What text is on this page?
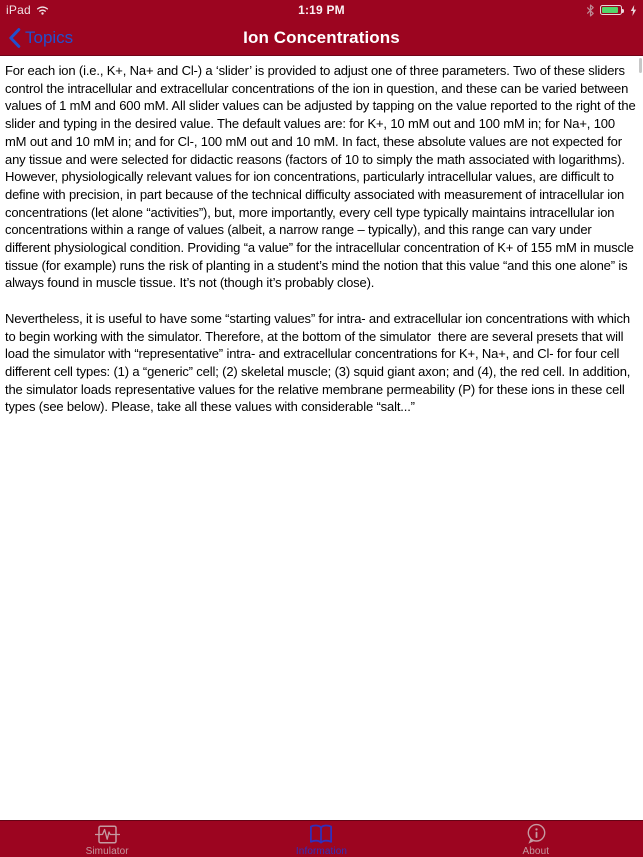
iPad	1:19 PM
Ion Concentrations
Topics

For each ion (i.e., K+, Na+ and Cl-) a ‘slider’ is provided to adjust one of three parameters. Two of these sliders control the intracellular and extracellular concentrations of the ion in question, and these can be varied between values of 1 mM and 600 mM. All slider values can be adjusted by tapping on the value reported to the right of the slider and typing in the desired value. The default values are: for K+, 10 mM out and 100 mM in; for Na+, 100 mM out and 10 mM in; and for Cl-, 100 mM out and 10 mM. In fact, these absolute values are not expected for any tissue and were selected for didactic reasons (factors of 10 to simply the math associated with logarithms). However, physiologically relevant values for ion concentrations, particularly intracellular values, are difficult to define with precision, in part because of the technical difficulty associated with measurement of intracellular ion concentrations (let alone “activities”), but, more importantly, every cell type typically maintains intracellular ion concentrations within a range of values (albeit, a narrow range – typically), and this range can vary under different physiological condition. Providing “a value” for the intracellular concentration of K+ of 155 mM in muscle tissue (for example) runs the risk of planting in a student’s mind the notion that this value “and this one alone” is always found in muscle tissue. It’s not (though it’s probably close).

Nevertheless, it is useful to have some “starting values” for intra- and extracellular ion concentrations with which to begin working with the simulator. Therefore, at the bottom of the simulator  there are several presets that will load the simulator with “representative” intra- and extracellular concentrations for K+, Na+, and Cl- for four cell different cell types: (1) a “generic” cell; (2) skeletal muscle; (3) squid giant axon; and (4), the red cell. In addition, the simulator loads representative values for the relative membrane permeability (P) for these ions in these cell types (see below). Please, take all these values with considerable “salt...”

Simulator	Information	About
